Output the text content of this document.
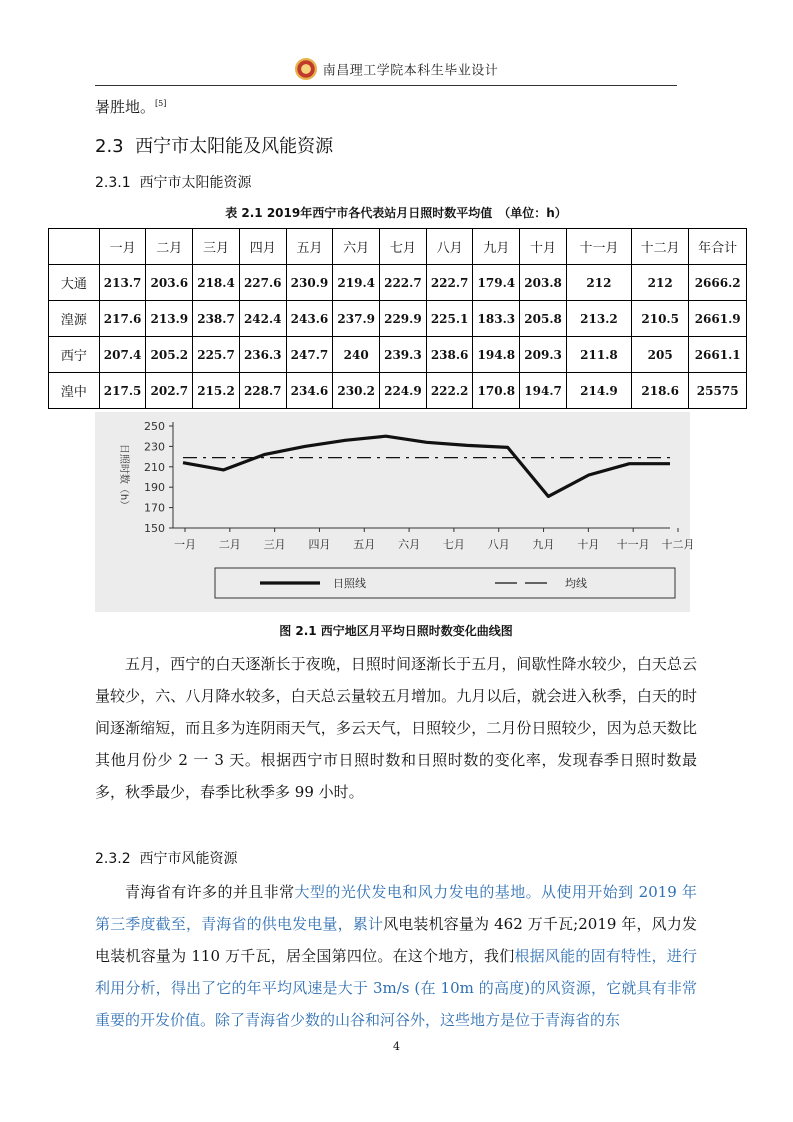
南昌理工学院本科生毕业设计
暑胜地。[5]
2.3 西宁市太阳能及风能资源
2.3.1 西宁市太阳能资源
表 2.1 2019年西宁市各代表站月日照时数平均值　（单位：h）
	一月	二月	三月	四月	五月	六月	七月	八月	九月	十月	十一月	十二月	年合计
大通	213.7	203.6	218.4	227.6	230.9	219.4	222.7	222.7	179.4	203.8	212	212	2666.2
湟源	217.6	213.9	238.7	242.4	243.6	237.9	229.9	225.1	183.3	205.8	213.2	210.5	2661.9
西宁	207.4	205.2	225.7	236.3	247.7	240	239.3	238.6	194.8	209.3	211.8	205	2661.1
湟中	217.5	202.7	215.2	228.7	234.6	230.2	224.9	222.2	170.8	194.7	214.9	218.6	25575
250
230
210
190
170
150
日照时数（h）
一月 二月 三月 四月 五月 六月 七月 八月 九月 十月 十一月 十二月
日照线	均线
图 2.1 西宁地区月平均日照时数变化曲线图
五月，西宁的白天逐渐长于夜晚，日照时间逐渐长于五月，间歇性降水较少，白天总云量较少，六、八月降水较多，白天总云量较五月增加。九月以后，就会进入秋季，白天的时间逐渐缩短，而且多为连阴雨天气，多云天气，日照较少，二月份日照较少，因为总天数比其他月份少 2 一 3 天。根据西宁市日照时数和日照时数的变化率，发现春季日照时数最多，秋季最少，春季比秋季多 99 小时。
2.3.2 西宁市风能资源
青海省有许多的并且非常大型的光伏发电和风力发电的基地。从使用开始到 2019 年第三季度截至，青海省的供电发电量，累计风电装机容量为 462 万千瓦;2019 年，风力发电装机容量为 110 万千瓦，居全国第四位。在这个地方，我们根据风能的固有特性，进行利用分析，得出了它的年平均风速是大于 3m/s (在 10m 的高度)的风资源，它就具有非常重要的开发价值。除了青海省少数的山谷和河谷外，这些地方是位于青海省的东
4
